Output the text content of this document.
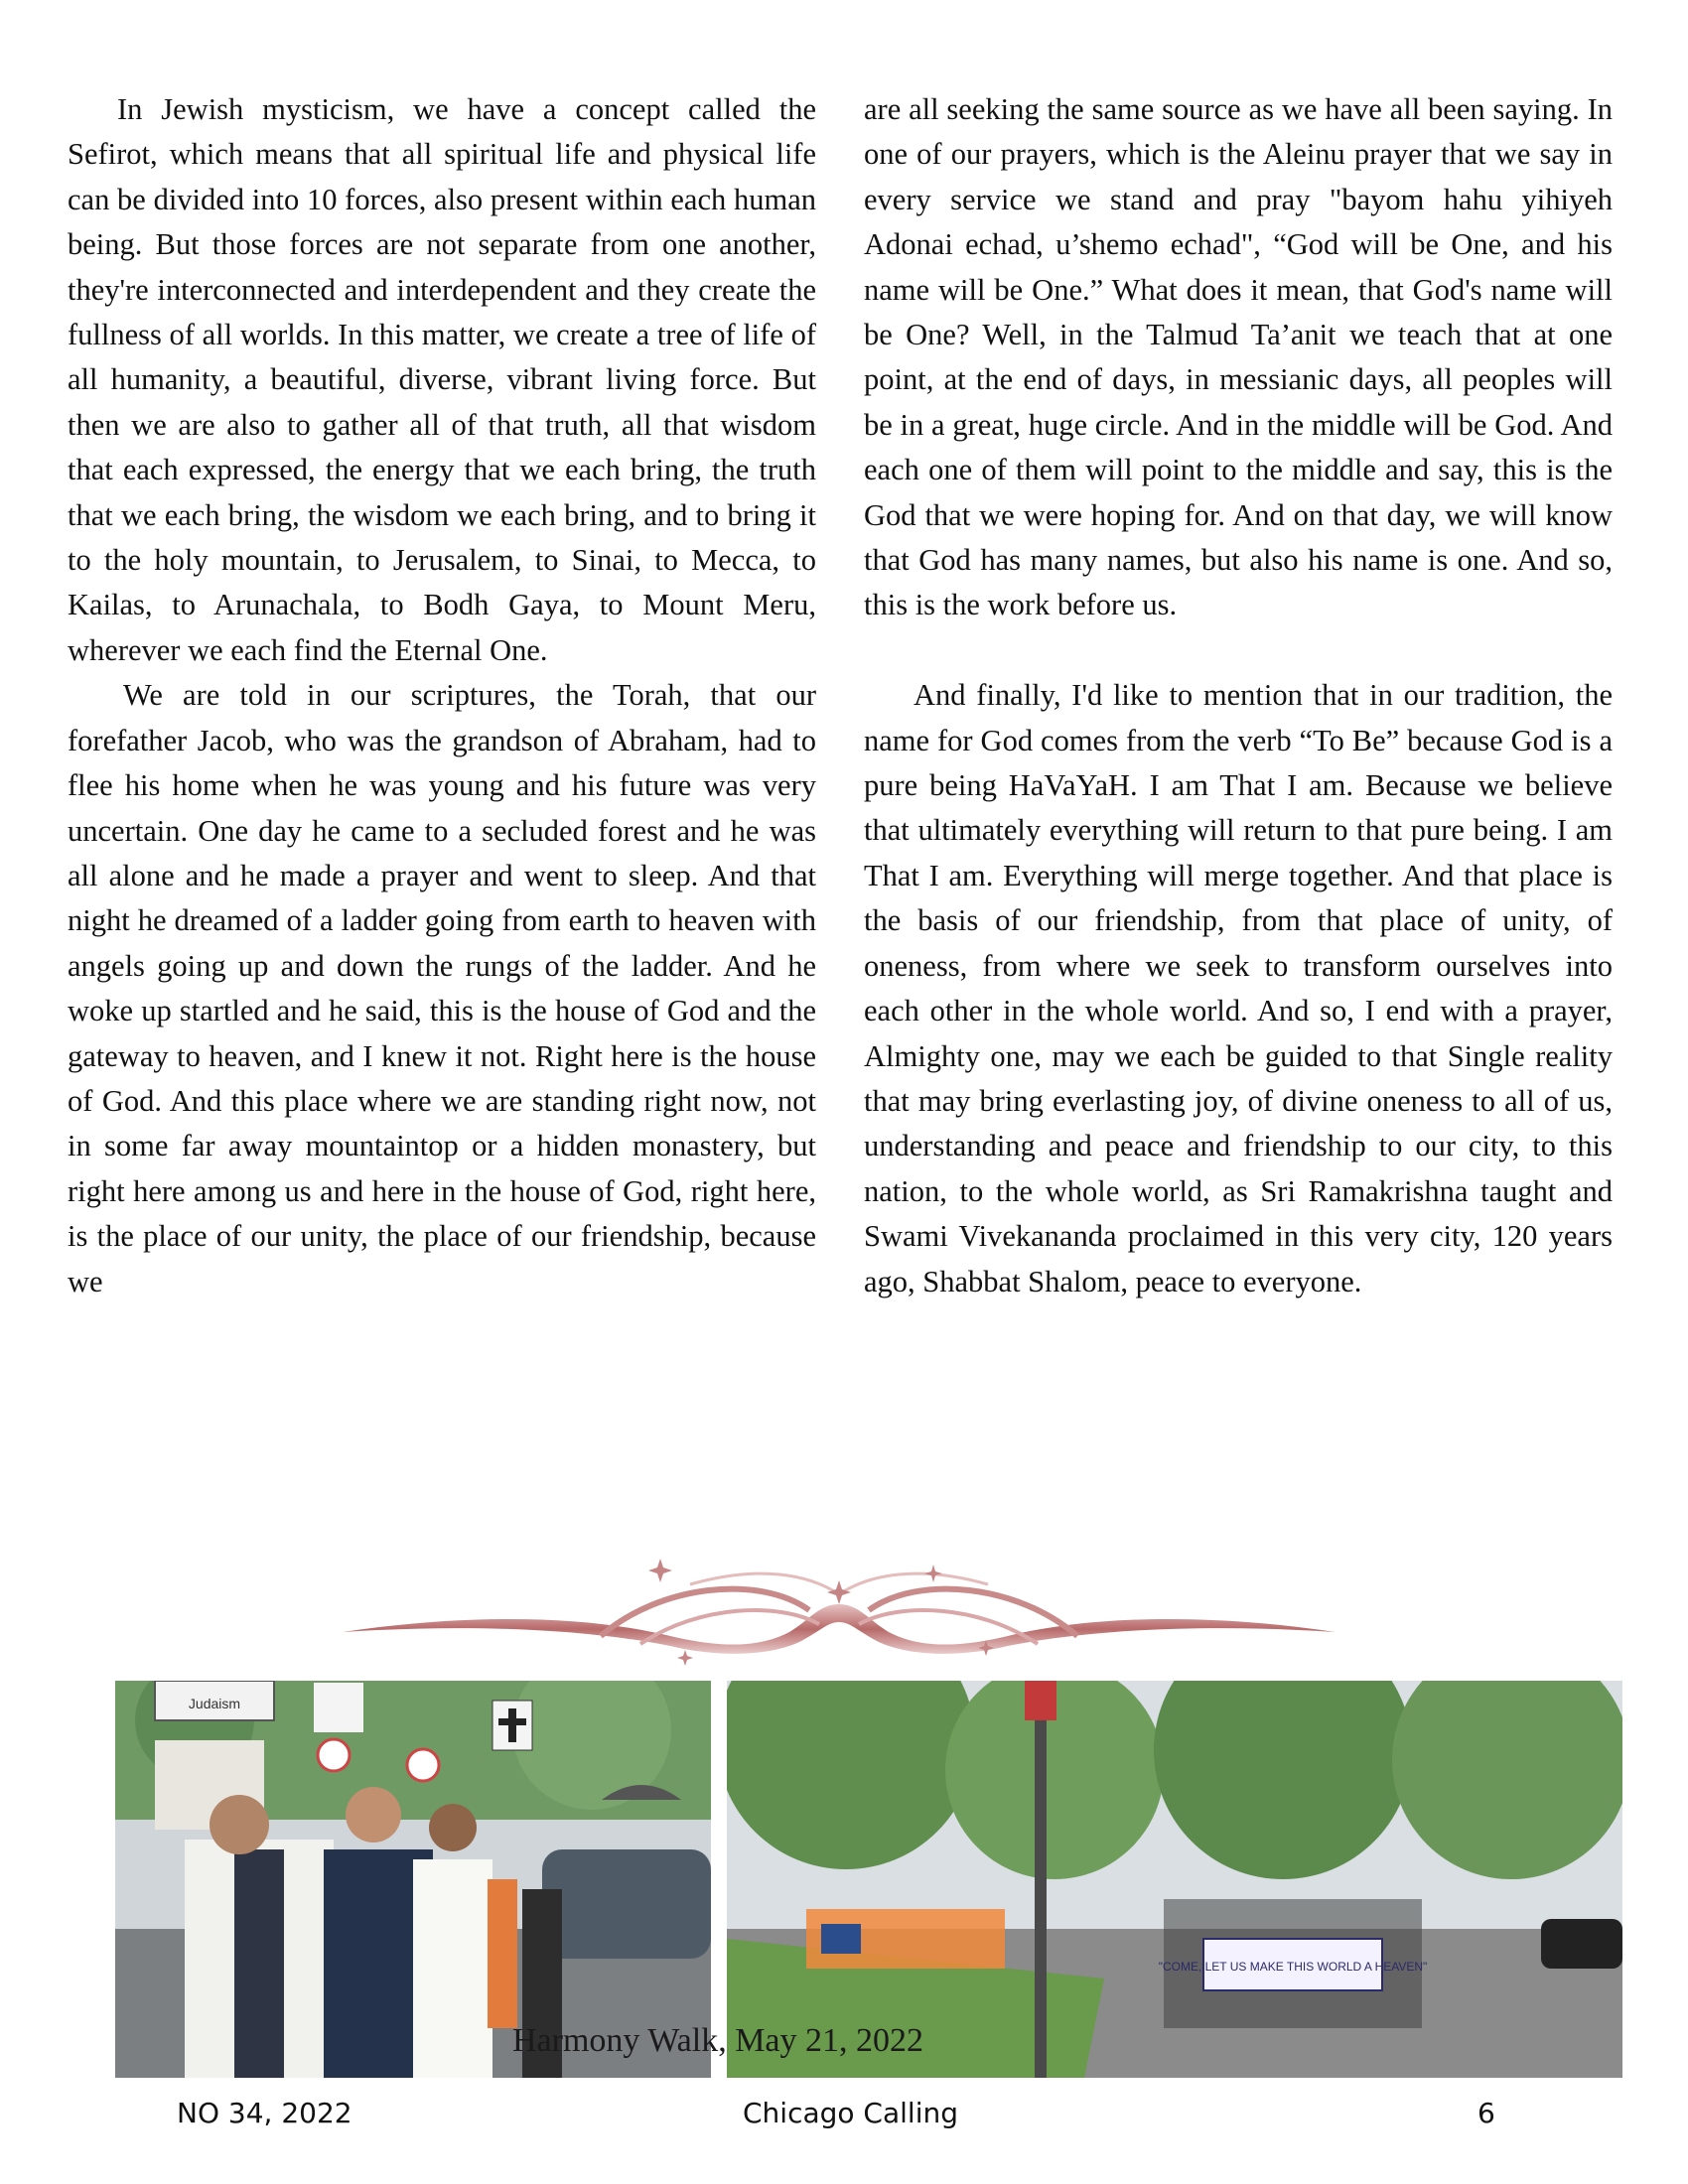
In Jewish mysticism, we have a concept called the Sefirot, which means that all spiritual life and physical life can be divided into 10 forces, also present within each human being. But those forces are not separate from one another, they're interconnected and interdependent and they create the fullness of all worlds. In this matter, we create a tree of life of all humanity, a beautiful, diverse, vibrant living force. But then we are also to gather all of that truth, all that wisdom that each expressed, the energy that we each bring, the truth that we each bring, the wisdom we each bring, and to bring it to the holy mountain, to Jerusalem, to Sinai, to Mecca, to Kailas, to Arunachala, to Bodh Gaya, to Mount Meru, wherever we each find the Eternal One.

We are told in our scriptures, the Torah, that our forefather Jacob, who was the grandson of Abraham, had to flee his home when he was young and his future was very uncertain. One day he came to a secluded forest and he was all alone and he made a prayer and went to sleep. And that night he dreamed of a ladder going from earth to heaven with angels going up and down the rungs of the ladder. And he woke up startled and he said, this is the house of God and the gateway to heaven, and I knew it not. Right here is the house of God. And this place where we are standing right now, not in some far away mountaintop or a hidden monastery, but right here among us and here in the house of God, right here, is the place of our unity, the place of our friendship, because we

are all seeking the same source as we have all been saying. In one of our prayers, which is the Aleinu prayer that we say in every service we stand and pray "bayom hahu yihiyeh Adonai echad, u’shemo echad", “God will be One, and his name will be One.” What does it mean, that God's name will be One? Well, in the Talmud Ta’anit we teach that at one point, at the end of days, in messianic days, all peoples will be in a great, huge circle. And in the middle will be God. And each one of them will point to the middle and say, this is the God that we were hoping for. And on that day, we will know that God has many names, but also his name is one. And so, this is the work before us.

And finally, I'd like to mention that in our tradition, the name for God comes from the verb “To Be” because God is a pure being HaVaYaH. I am That I am. Because we believe that ultimately everything will return to that pure being. I am That I am. Everything will merge together. And that place is the basis of our friendship, from that place of unity, of oneness, from where we seek to transform ourselves into each other in the whole world. And so, I end with a prayer, Almighty one, may we each be guided to that Single reality that may bring everlasting joy, of divine oneness to all of us, understanding and peace and friendship to our city, to this nation, to the whole world, as Sri Ramakrishna taught and Swami Vivekananda proclaimed in this very city, 120 years ago, Shabbat Shalom, peace to everyone.

Judaism
"COME, LET US MAKE THIS WORLD A HEAVEN"
Harmony Walk, May 21, 2022
NO 34, 2022	Chicago Calling	6
